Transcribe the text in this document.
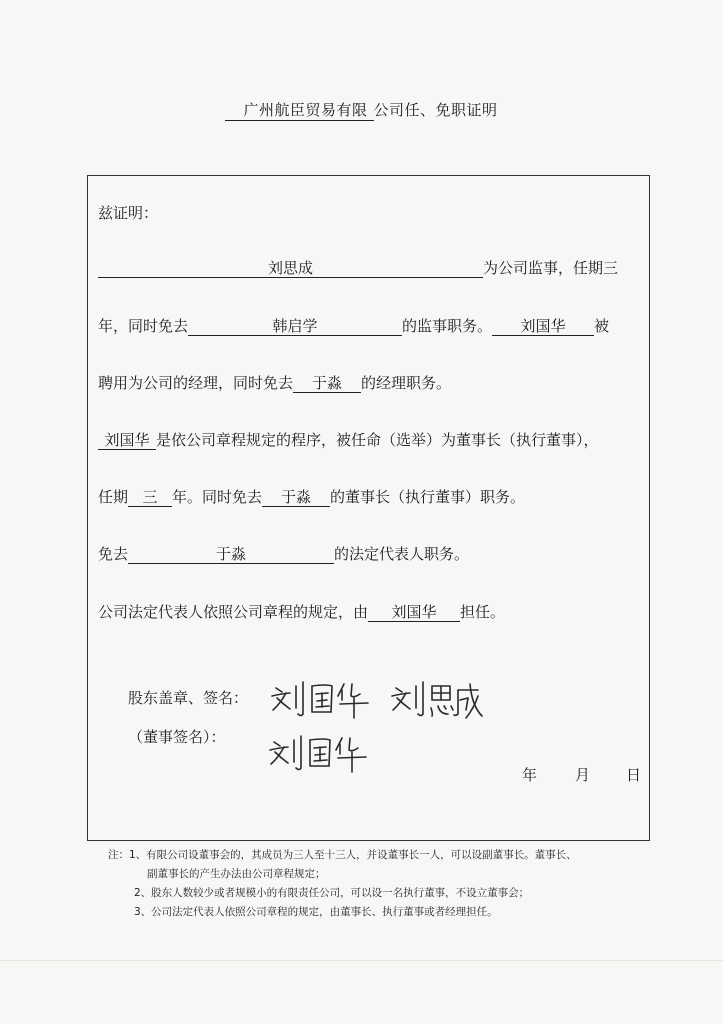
广州航臣贸易有限 公司任、免职证明
兹证明：
刘思成	为公司监事，任期三
年，同时免去	韩启学	的监事职务。 刘国华 被
聘用为公司的经理，同时免去 于淼 的经理职务。
刘国华 是依公司章程规定的程序，被任命（选举）为董事长（执行董事），
任期 三 年。同时免去 于淼 的董事长（执行董事）职务。
免去	于淼	的法定代表人职务。
公司法定代表人依照公司章程的规定，由 刘国华 担任。
股东盖章、签名：
（董事签名）：
年	月 日
注：1、有限公司设董事会的，其成员为三人至十三人，并设董事长一人，可以设副董事长。董事长、
副董事长的产生办法由公司章程规定；
2、股东人数较少或者规模小的有限责任公司，可以设一名执行董事，不设立董事会；
3、公司法定代表人依照公司章程的规定，由董事长、执行董事或者经理担任。
